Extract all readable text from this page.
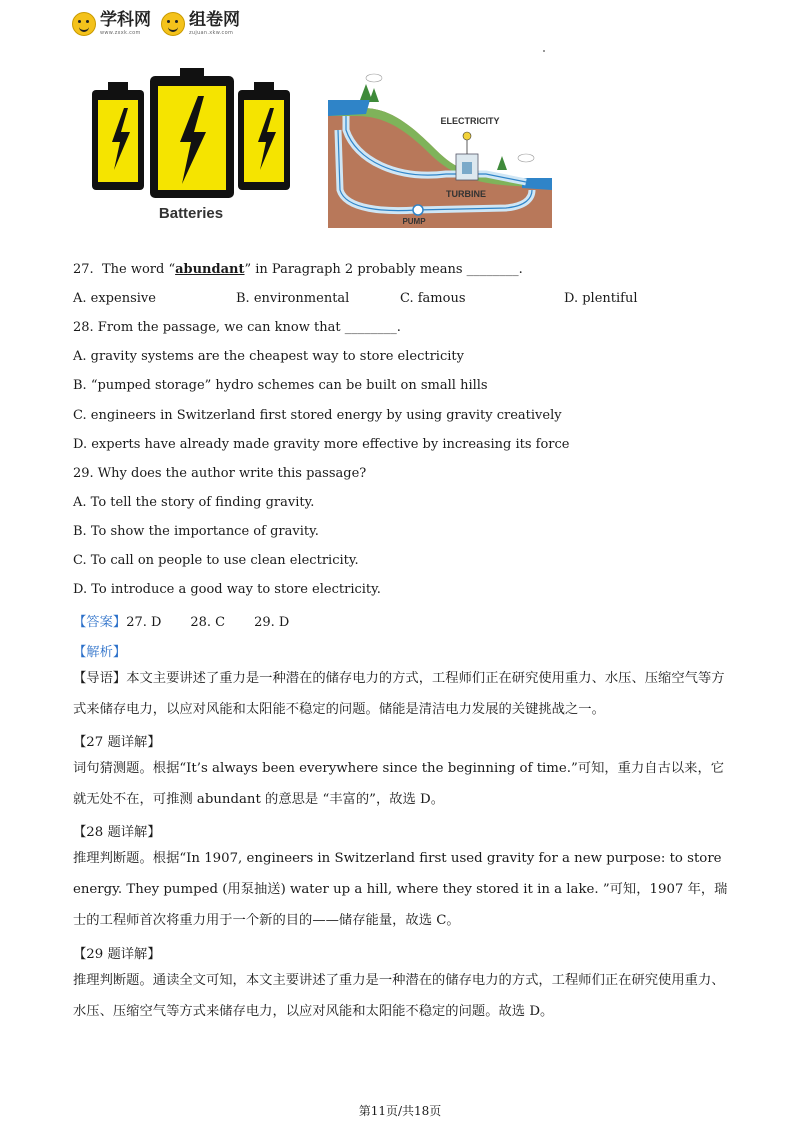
学科网
www.zxxk.com
组卷网
zujuan.xkw.com
Batteries
ELECTRICITY
TURBINE
PUMP
27. The word “abundant” in Paragraph 2 probably means ________.
A. expensive	B. environmental	C. famous	D. plentiful
28. From the passage, we can know that ________.
A. gravity systems are the cheapest way to store electricity
B. “pumped storage” hydro schemes can be built on small hills
C. engineers in Switzerland first stored energy by using gravity creatively
D. experts have already made gravity more effective by increasing its force
29. Why does the author write this passage?
A. To tell the story of finding gravity.
B. To show the importance of gravity.
C. To call on people to use clean electricity.
D. To introduce a good way to store electricity.
【答案】27. D 28. C 29. D
【解析】
【导语】本文主要讲述了重力是一种潜在的储存电力的方式，工程师们正在研究使用重力、水压、压缩空气等方式来储存电力，以应对风能和太阳能不稳定的问题。储能是清洁电力发展的关键挑战之一。
【27 题详解】
词句猜测题。根据“It’s always been everywhere since the beginning of time.”可知，重力自古以来，它就无处不在，可推测 abundant 的意思是 “丰富的”，故选 D。
【28 题详解】
推理判断题。根据“In 1907, engineers in Switzerland first used gravity for a new purpose: to store energy. They pumped (用泵抽送) water up a hill, where they stored it in a lake. ”可知，1907 年，瑞士的工程师首次将重力用于一个新的目的——储存能量，故选 C。
【29 题详解】
推理判断题。通读全文可知，本文主要讲述了重力是一种潜在的储存电力的方式，工程师们正在研究使用重力、水压、压缩空气等方式来储存电力，以应对风能和太阳能不稳定的问题。故选 D。
第11页/共18页
